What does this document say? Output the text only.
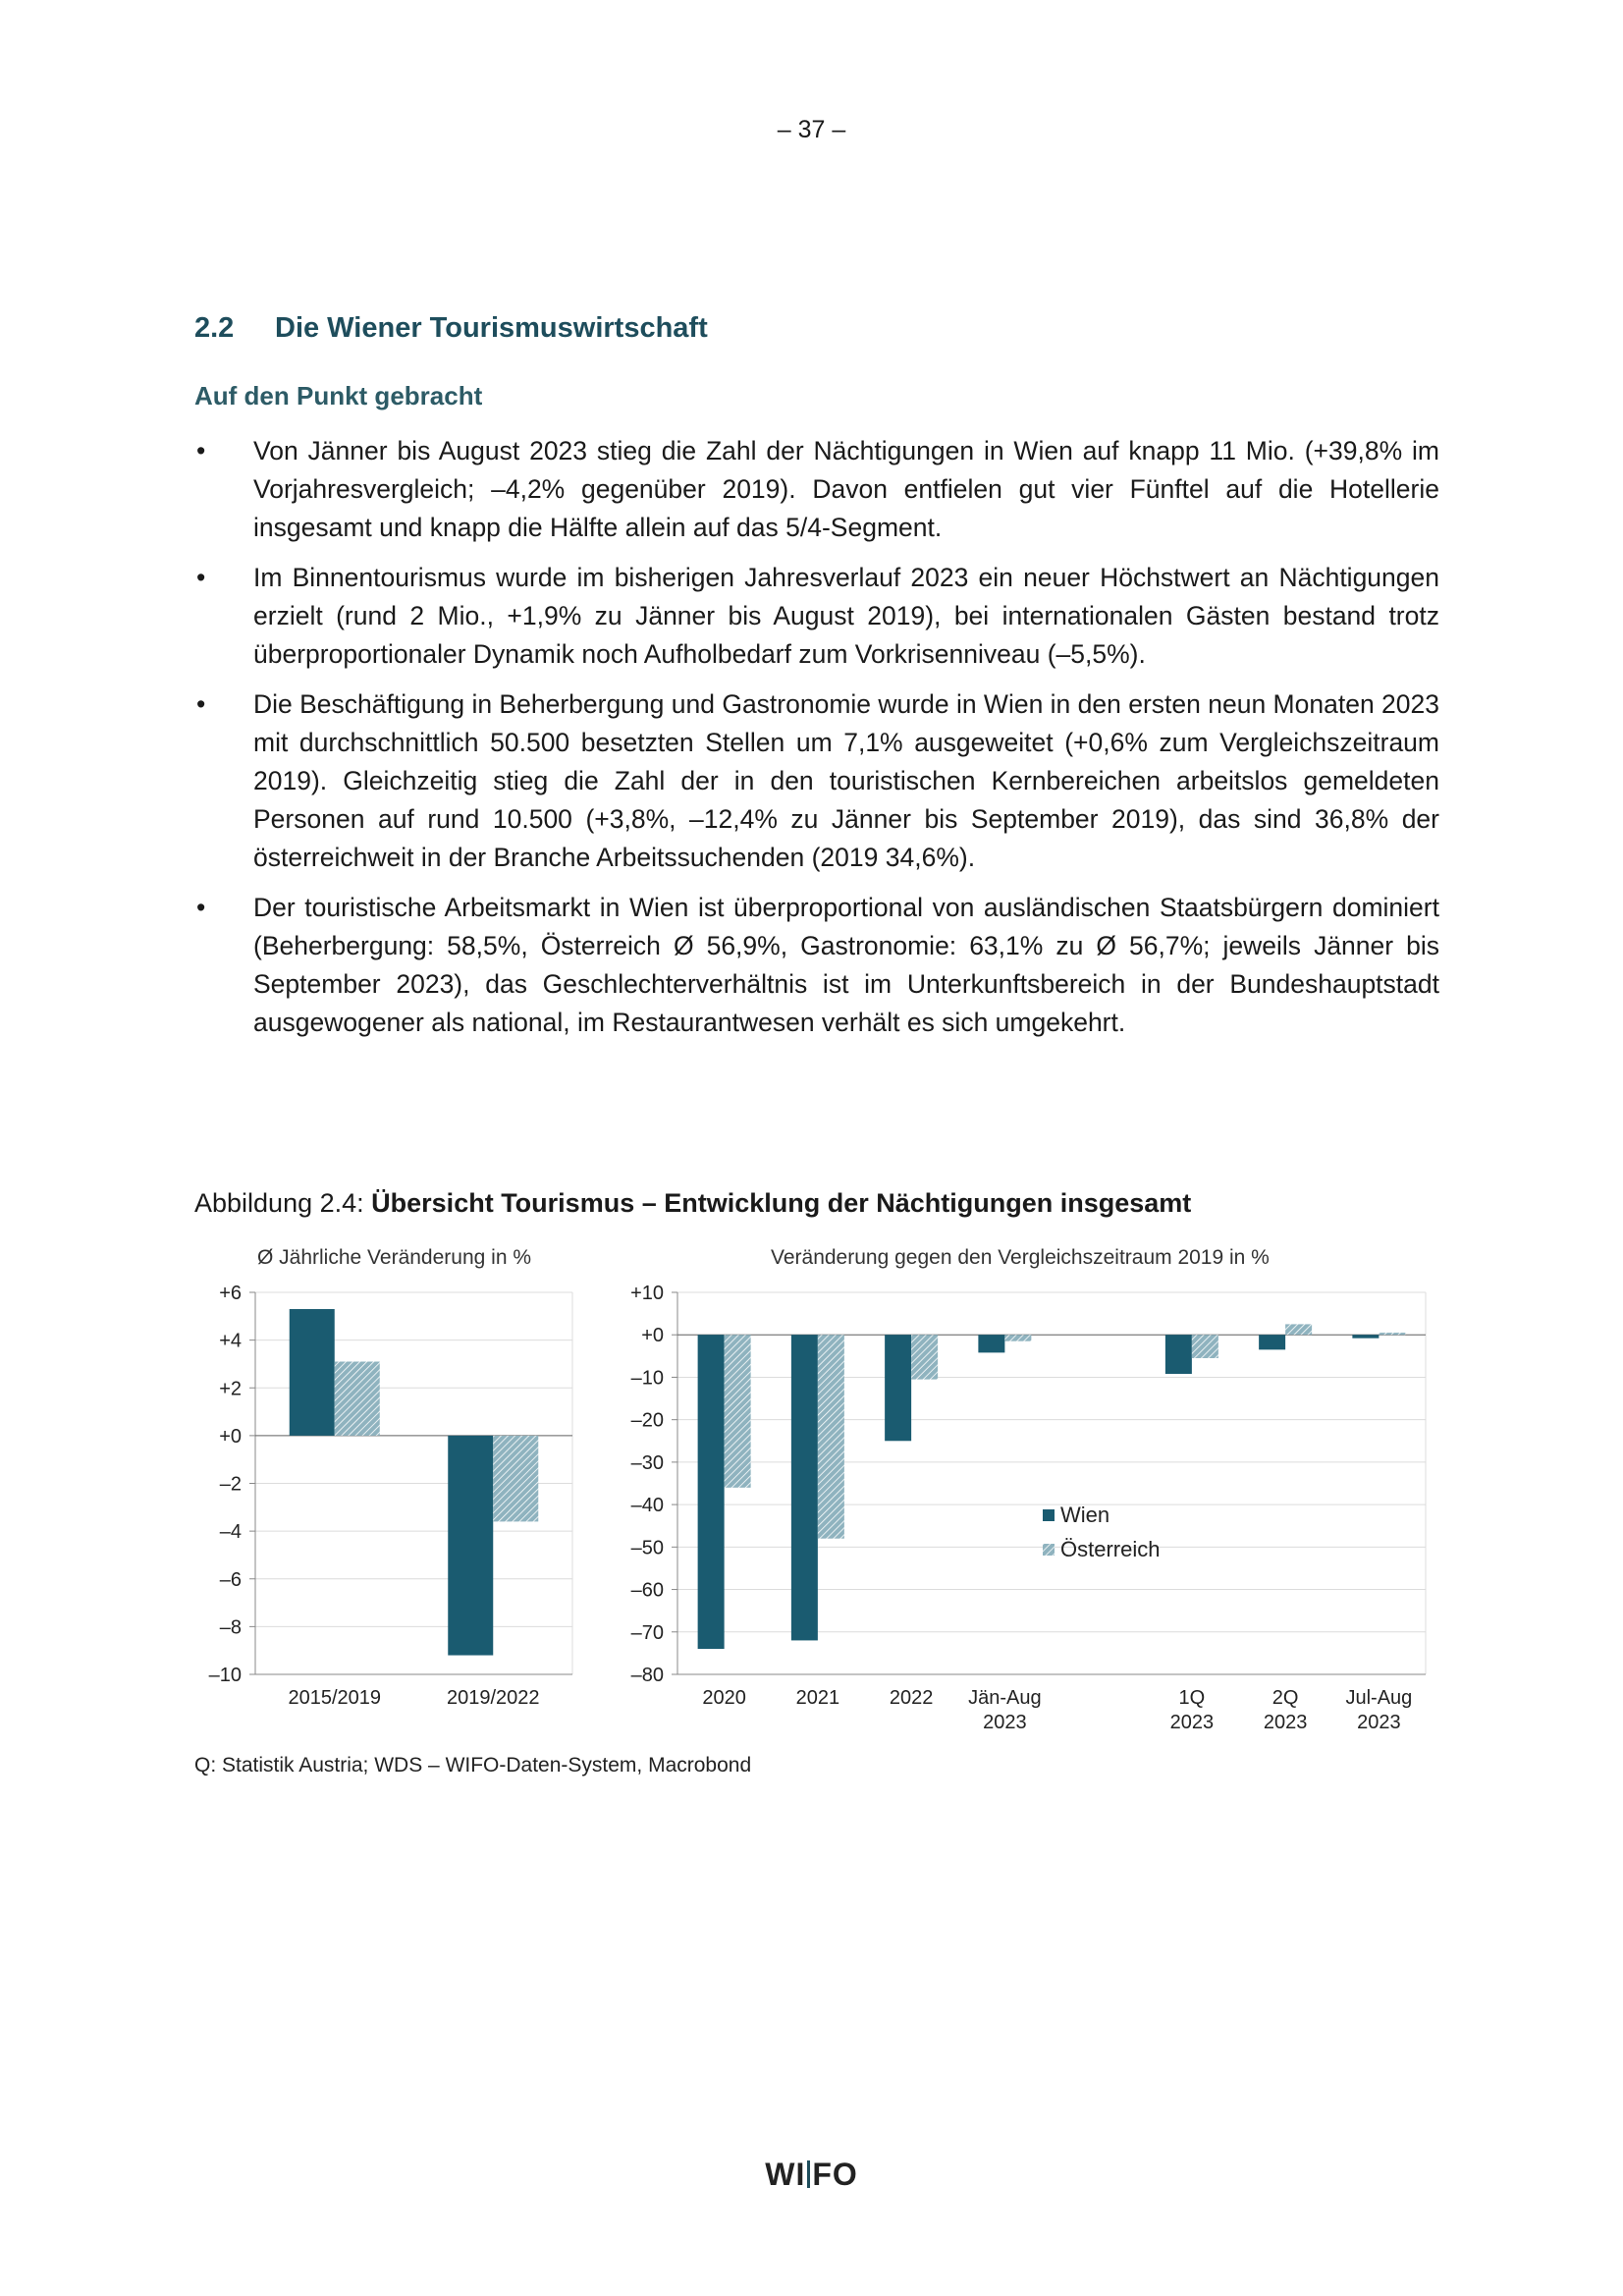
– 37 –
2.2 Die Wiener Tourismuswirtschaft
Auf den Punkt gebracht
• Von Jänner bis August 2023 stieg die Zahl der Nächtigungen in Wien auf knapp 11 Mio. (+39,8% im Vorjahresvergleich; –4,2% gegenüber 2019). Davon entfielen gut vier Fünftel auf die Hotellerie insgesamt und knapp die Hälfte allein auf das 5/4-Segment.
• Im Binnentourismus wurde im bisherigen Jahresverlauf 2023 ein neuer Höchstwert an Nächtigungen erzielt (rund 2 Mio., +1,9% zu Jänner bis August 2019), bei internationalen Gästen bestand trotz überproportionaler Dynamik noch Aufholbedarf zum Vorkrisenniveau (–5,5%).
• Die Beschäftigung in Beherbergung und Gastronomie wurde in Wien in den ersten neun Monaten 2023 mit durchschnittlich 50.500 besetzten Stellen um 7,1% ausgeweitet (+0,6% zum Vergleichszeitraum 2019). Gleichzeitig stieg die Zahl der in den touristischen Kernbereichen arbeitslos gemeldeten Personen auf rund 10.500 (+3,8%, –12,4% zu Jänner bis September 2019), das sind 36,8% der österreichweit in der Branche Arbeitssuchenden (2019 34,6%).
• Der touristische Arbeitsmarkt in Wien ist überproportional von ausländischen Staatsbürgern dominiert (Beherbergung: 58,5%, Österreich Ø 56,9%, Gastronomie: 63,1% zu Ø 56,7%; jeweils Jänner bis September 2023), das Geschlechterverhältnis ist im Unterkunftsbereich in der Bundeshauptstadt ausgewogener als national, im Restaurantwesen verhält es sich umgekehrt.
Abbildung 2.4: Übersicht Tourismus – Entwicklung der Nächtigungen insgesamt
Ø Jährliche Veränderung in %	Veränderung gegen den Vergleichszeitraum 2019 in %
+6
+4
+2
+0
–2
–4
–6
–8
–10
2015/2019	2019/2022
+10
+0
–10
–20
–30
–40
–50
–60
–70
–80
2020	2021	2022 Jän-Aug
2023
1Q
2023
2Q
2023
Jul-Aug
2023
Wien
Österreich
Q: Statistik Austria; WDS – WIFO-Daten-System, Macrobond
WI FO
